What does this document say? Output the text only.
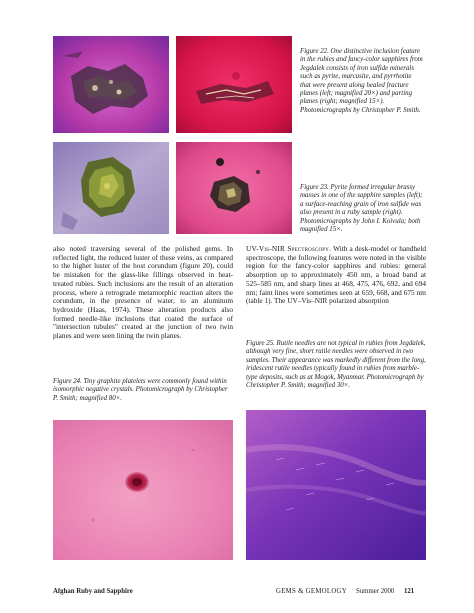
Figure 22. One distinctive inclusion feature in the rubies and fancy-color sapphires from Jegdalek consists of iron sulfide minerals such as pyrite, marcasite, and pyrrhotite that were present along healed fracture planes (left; magnified 20×) and parting planes (right; magnified 15×). Photomicrographs by Christopher P. Smith.

Figure 23. Pyrite formed irregular brassy masses in one of the sapphire samples (left); a surface-reaching grain of iron sulfide was also present in a ruby sample (right). Photomicrographs by John I. Koivula; both magnified 15×.

also noted traversing several of the polished gems. In reflected light, the reduced luster of these veins, as compared to the higher luster of the host corundum (figure 20), could be mistaken for the glass-like fillings observed in heat-treated rubies. Such inclusions are the result of an alteration process, where a retrograde metamorphic reaction alters the corundum, in the presence of water, to an aluminum hydroxide (Haas, 1974). These alteration products also formed needle-like inclusions that coated the surface of "intersection tubules" created at the junction of two twin planes and were seen lining the twin planes.

UV-Vis-NIR Spectroscopy. With a desk-model or handheld spectroscope, the following features were noted in the visible region for the fancy-color sapphires and rubies: general absorption up to approximately 450 nm, a broad band at 525–585 nm, and sharp lines at 468, 475, 476, 692, and 694 nm; faint lines were sometimes seen at 659, 668, and 675 nm (table 1). The UV–Vis–NIR polarized absorption

Figure 24. Tiny graphite platelets were commonly found within isomorphic negative crystals. Photomicrograph by Christopher P. Smith; magnified 80×.

Figure 25. Rutile needles are not typical in rubies from Jegdalek, although very fine, short rutile needles were observed in two samples. Their appearance was markedly different from the long, iridescent rutile needles typically found in rubies from marble-type deposits, such as at Mogok, Myanmar. Photomicrograph by Christopher P. Smith; magnified 30×.

Afghan Ruby and Sapphire	GEMS & GEMOLOGY Summer 2000 121
